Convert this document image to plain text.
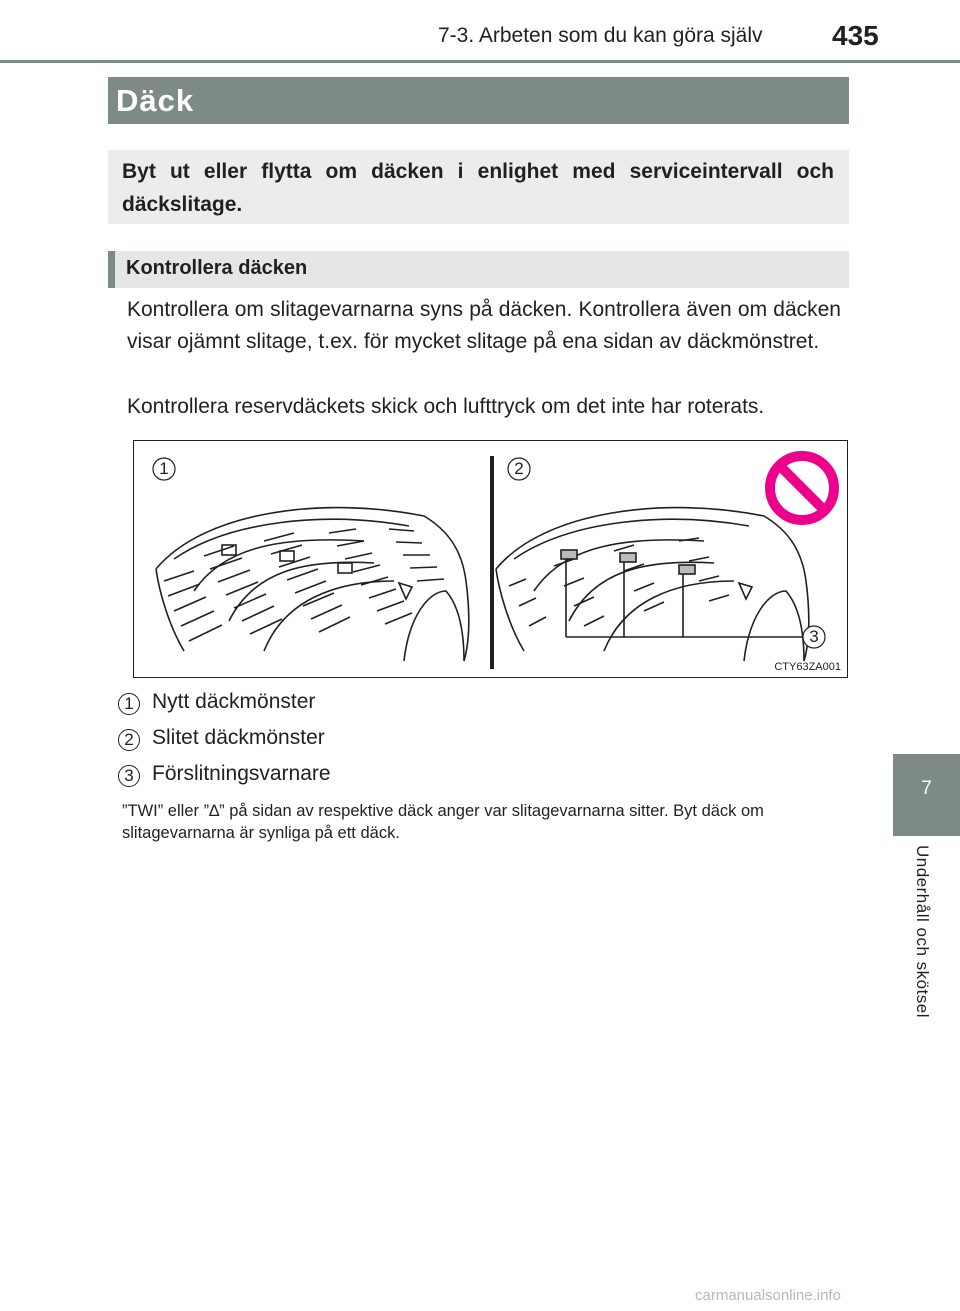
7-3. Arbeten som du kan göra själv 435
Däck
Byt ut eller flytta om däcken i enlighet med serviceintervall och däckslitage.
Kontrollera däcken
Kontrollera om slitagevarnarna syns på däcken. Kontrollera även om däcken visar ojämnt slitage, t.ex. för mycket slitage på ena sidan av däckmönstret.
Kontrollera reservdäckets skick och lufttryck om det inte har roterats.
1	2
3
CTY63ZA001
1 Nytt däckmönster
2 Slitet däckmönster
3 Förslitningsvarnare
”TWI” eller ”∆” på sidan av respektive däck anger var slitagevarnarna sitter. Byt däck om slitagevarnarna är synliga på ett däck.
7
Underhåll och skötsel
carmanualsonline.info
